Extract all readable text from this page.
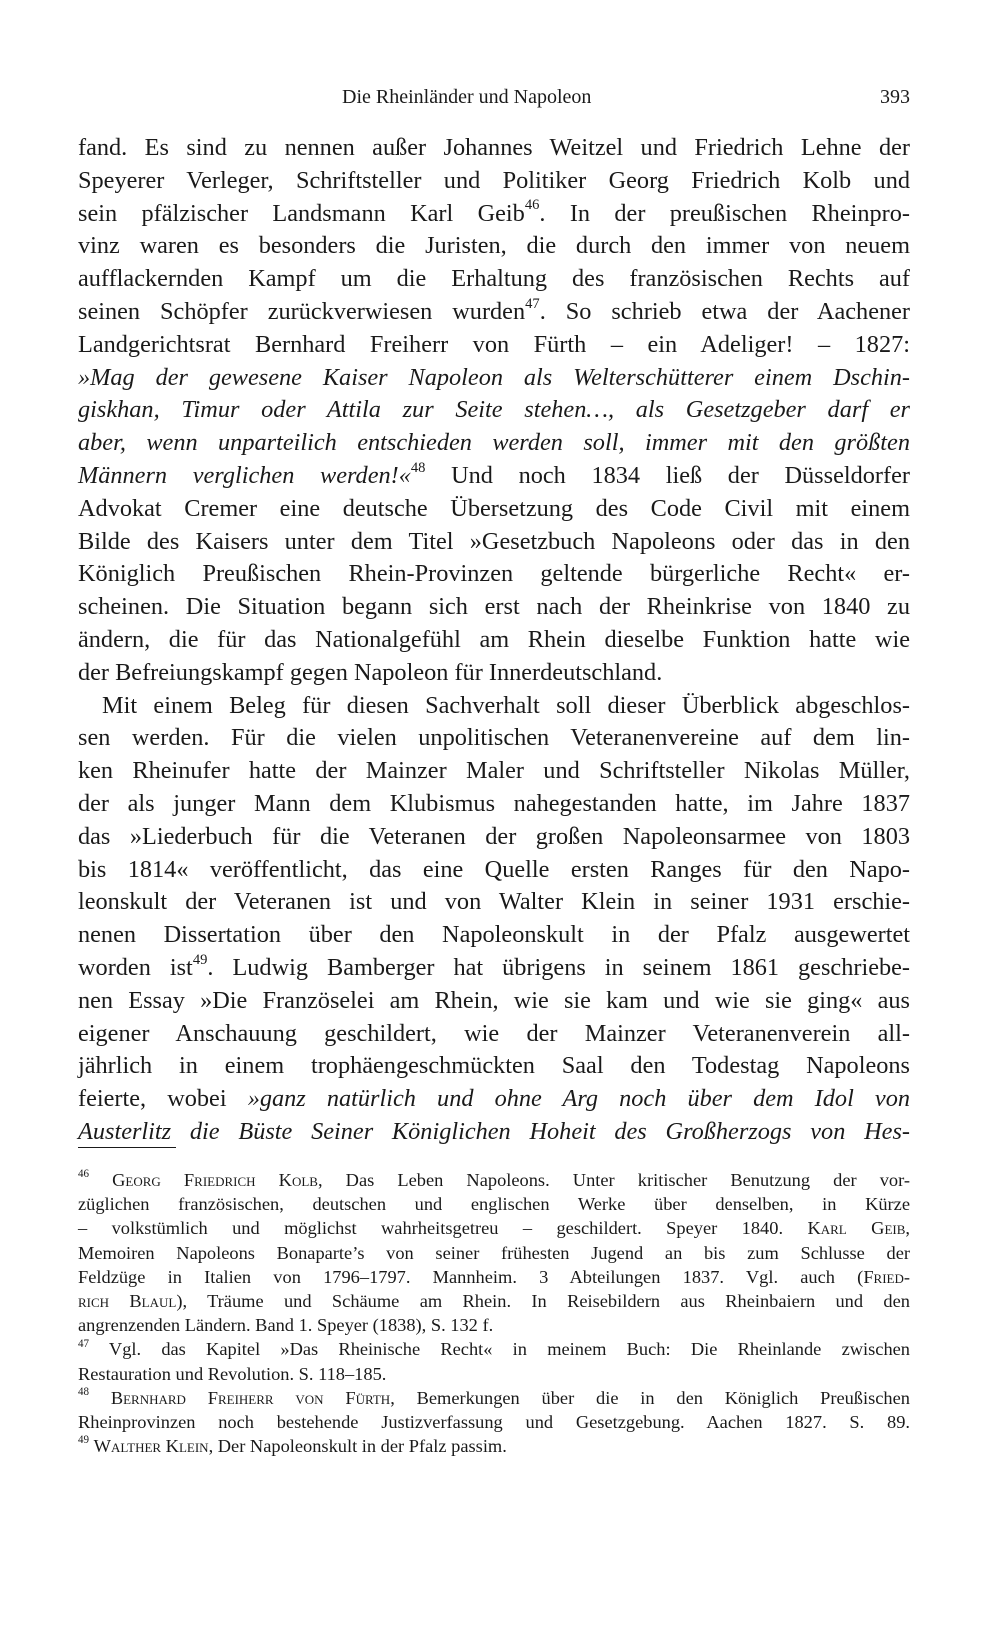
Die Rheinländer und Napoleon	393
fand. Es sind zu nennen außer Johannes Weitzel und Friedrich Lehne der
Speyerer Verleger, Schriftsteller und Politiker Georg Friedrich Kolb und
sein pfälzischer Landsmann Karl Geib$^{46}$. In der preußischen Rheinpro-
vinz waren es besonders die Juristen, die durch den immer von neuem
aufflackernden Kampf um die Erhaltung des französischen Rechts auf
seinen Schöpfer zurückverwiesen wurden$^{47}$. So schrieb etwa der Aachener
Landgerichtsrat Bernhard Freiherr von Fürth – ein Adeliger! – 1827:
»Mag der gewesene Kaiser Napoleon als Welterschütterer einem Dschin-
giskhan, Timur oder Attila zur Seite stehen…, als Gesetzgeber darf er
aber, wenn unparteilich entschieden werden soll, immer mit den größten
Männern verglichen werden!«$^{48}$ Und noch 1834 ließ der Düsseldorfer
Advokat Cremer eine deutsche Übersetzung des Code Civil mit einem
Bilde des Kaisers unter dem Titel »Gesetzbuch Napoleons oder das in den
Königlich Preußischen Rhein-Provinzen geltende bürgerliche Recht« er-
scheinen. Die Situation begann sich erst nach der Rheinkrise von 1840 zu
ändern, die für das Nationalgefühl am Rhein dieselbe Funktion hatte wie
der Befreiungskampf gegen Napoleon für Innerdeutschland.
Mit einem Beleg für diesen Sachverhalt soll dieser Überblick abgeschlos-
sen werden. Für die vielen unpolitischen Veteranenvereine auf dem lin-
ken Rheinufer hatte der Mainzer Maler und Schriftsteller Nikolas Müller,
der als junger Mann dem Klubismus nahegestanden hatte, im Jahre 1837
das »Liederbuch für die Veteranen der großen Napoleonsarmee von 1803
bis 1814« veröffentlicht, das eine Quelle ersten Ranges für den Napo-
leonskult der Veteranen ist und von Walter Klein in seiner 1931 erschie-
nenen Dissertation über den Napoleonskult in der Pfalz ausgewertet
worden ist$^{49}$. Ludwig Bamberger hat übrigens in seinem 1861 geschriebe-
nen Essay »Die Französelei am Rhein, wie sie kam und wie sie ging« aus
eigener Anschauung geschildert, wie der Mainzer Veteranenverein all-
jährlich in einem trophäengeschmückten Saal den Todestag Napoleons
feierte, wobei »ganz natürlich und ohne Arg noch über dem Idol von
Austerlitz die Büste Seiner Königlichen Hoheit des Großherzogs von Hes-
$^{46}$ Georg Friedrich Kolb, Das Leben Napoleons. Unter kritischer Benutzung der vor-
züglichen französischen, deutschen und englischen Werke über denselben, in Kürze
– volkstümlich und möglichst wahrheitsgetreu – geschildert. Speyer 1840. Karl Geib,
Memoiren Napoleons Bonaparte’s von seiner frühesten Jugend an bis zum Schlusse der
Feldzüge in Italien von 1796–1797. Mannheim. 3 Abteilungen 1837. Vgl. auch (Fried-
rich Blaul), Träume und Schäume am Rhein. In Reisebildern aus Rheinbaiern und den
angrenzenden Ländern. Band 1. Speyer (1838), S. 132 f.
$^{47}$ Vgl. das Kapitel »Das Rheinische Recht« in meinem Buch: Die Rheinlande zwischen
Restauration und Revolution. S. 118–185.
$^{48}$ Bernhard Freiherr von Fürth, Bemerkungen über die in den Königlich Preußischen
Rheinprovinzen noch bestehende Justizverfassung und Gesetzgebung. Aachen 1827. S. 89.
$^{49}$ Walther Klein, Der Napoleonskult in der Pfalz passim.
